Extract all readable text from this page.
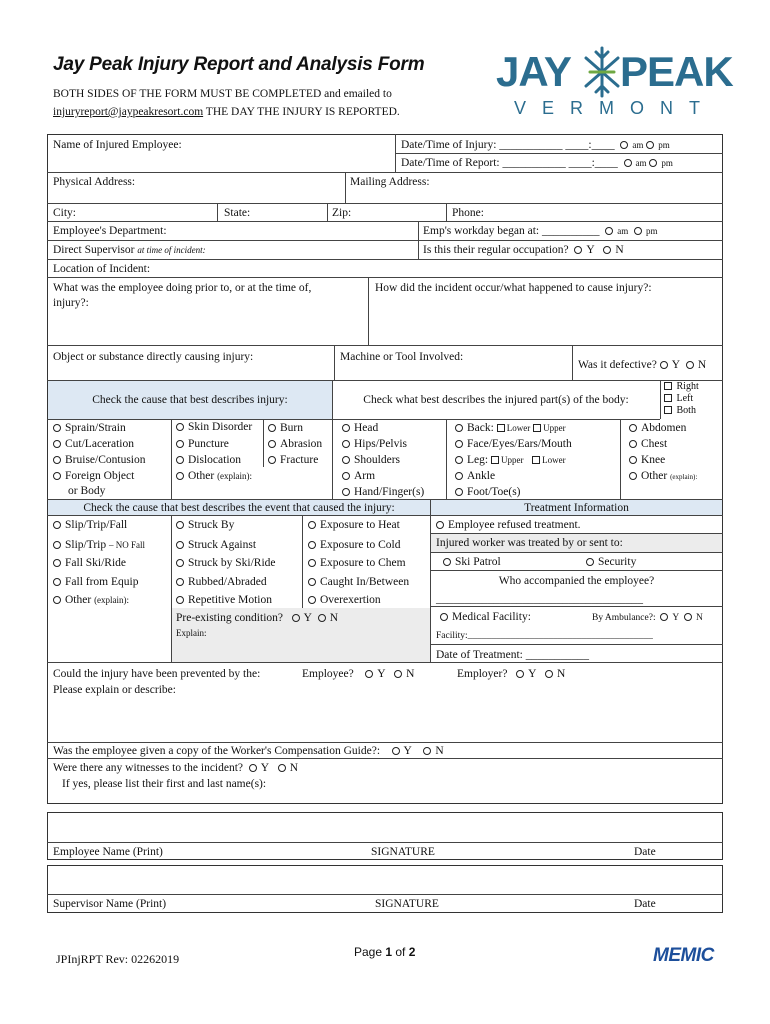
Jay Peak Injury Report and Analysis Form
BOTH SIDES OF THE FORM MUST BE COMPLETED and emailed to
injuryreport@jaypeakresort.com THE DAY THE INJURY IS REPORTED.
JAY PEAK
VERMONT
Name of Injured Employee:	Date/Time of Injury: ___________ ____:____ am pm
Date/Time of Report: ___________ ____:____ am pm
Physical Address:	Mailing Address:
City:	State:	Zip:	Phone:
Employee's Department:	Emp's workday began at: __________ am pm
Direct Supervisor at time of incident:	Is this their regular occupation? Y N
Location of Incident:
What was the employee doing prior to, or at the time of,
injury?:
How did the incident occur/what happened to cause injury?:
Object or substance directly causing injury:	Machine or Tool Involved:
Was it defective? Y N
Check the cause that best describes injury:	Check what best describes the injured part(s) of the body:
Right
Left
Both
Sprain/Strain
Cut/Laceration
Bruise/Contusion
Foreign Object
or Body
Skin Disorder
Puncture
Dislocation
Other (explain):
Burn
Abrasion
Fracture
Head
Hips/Pelvis
Shoulders
Arm
Hand/Finger(s)
Back: Lower Upper
Face/Eyes/Ears/Mouth
Leg: Upper Lower
Ankle
Foot/Toe(s)
Abdomen
Chest
Knee
Other (explain):
Check the cause that best describes the event that caused the injury:	Treatment Information
Slip/Trip/Fall
Slip/Trip – NO Fall
Fall Ski/Ride
Fall from Equip
Other (explain):
Struck By
Struck Against
Struck by Ski/Ride
Rubbed/Abraded
Repetitive Motion
Exposure to Heat
Exposure to Cold
Exposure to Chem
Caught In/Between
Overexertion
Pre-existing condition? Y N
Explain:
Employee refused treatment.
Injured worker was treated by or sent to:
Ski Patrol	Security
Who accompanied the employee?
____________________________________
Medical Facility:	By Ambulance?: Y N
Facility:_______________________________________
Date of Treatment: ___________
Could the injury have been prevented by the:	Employee? Y N	Employer? Y N
Please explain or describe:
Was the employee given a copy of the Worker's Compensation Guide?: Y N
Were there any witnesses to the incident? Y N
If yes, please list their first and last name(s):
Employee Name (Print)	SIGNATURE	Date
Supervisor Name (Print)	SIGNATURE	Date
JPInjRPT Rev: 02262019	Page 1 of 2	MEMIC
